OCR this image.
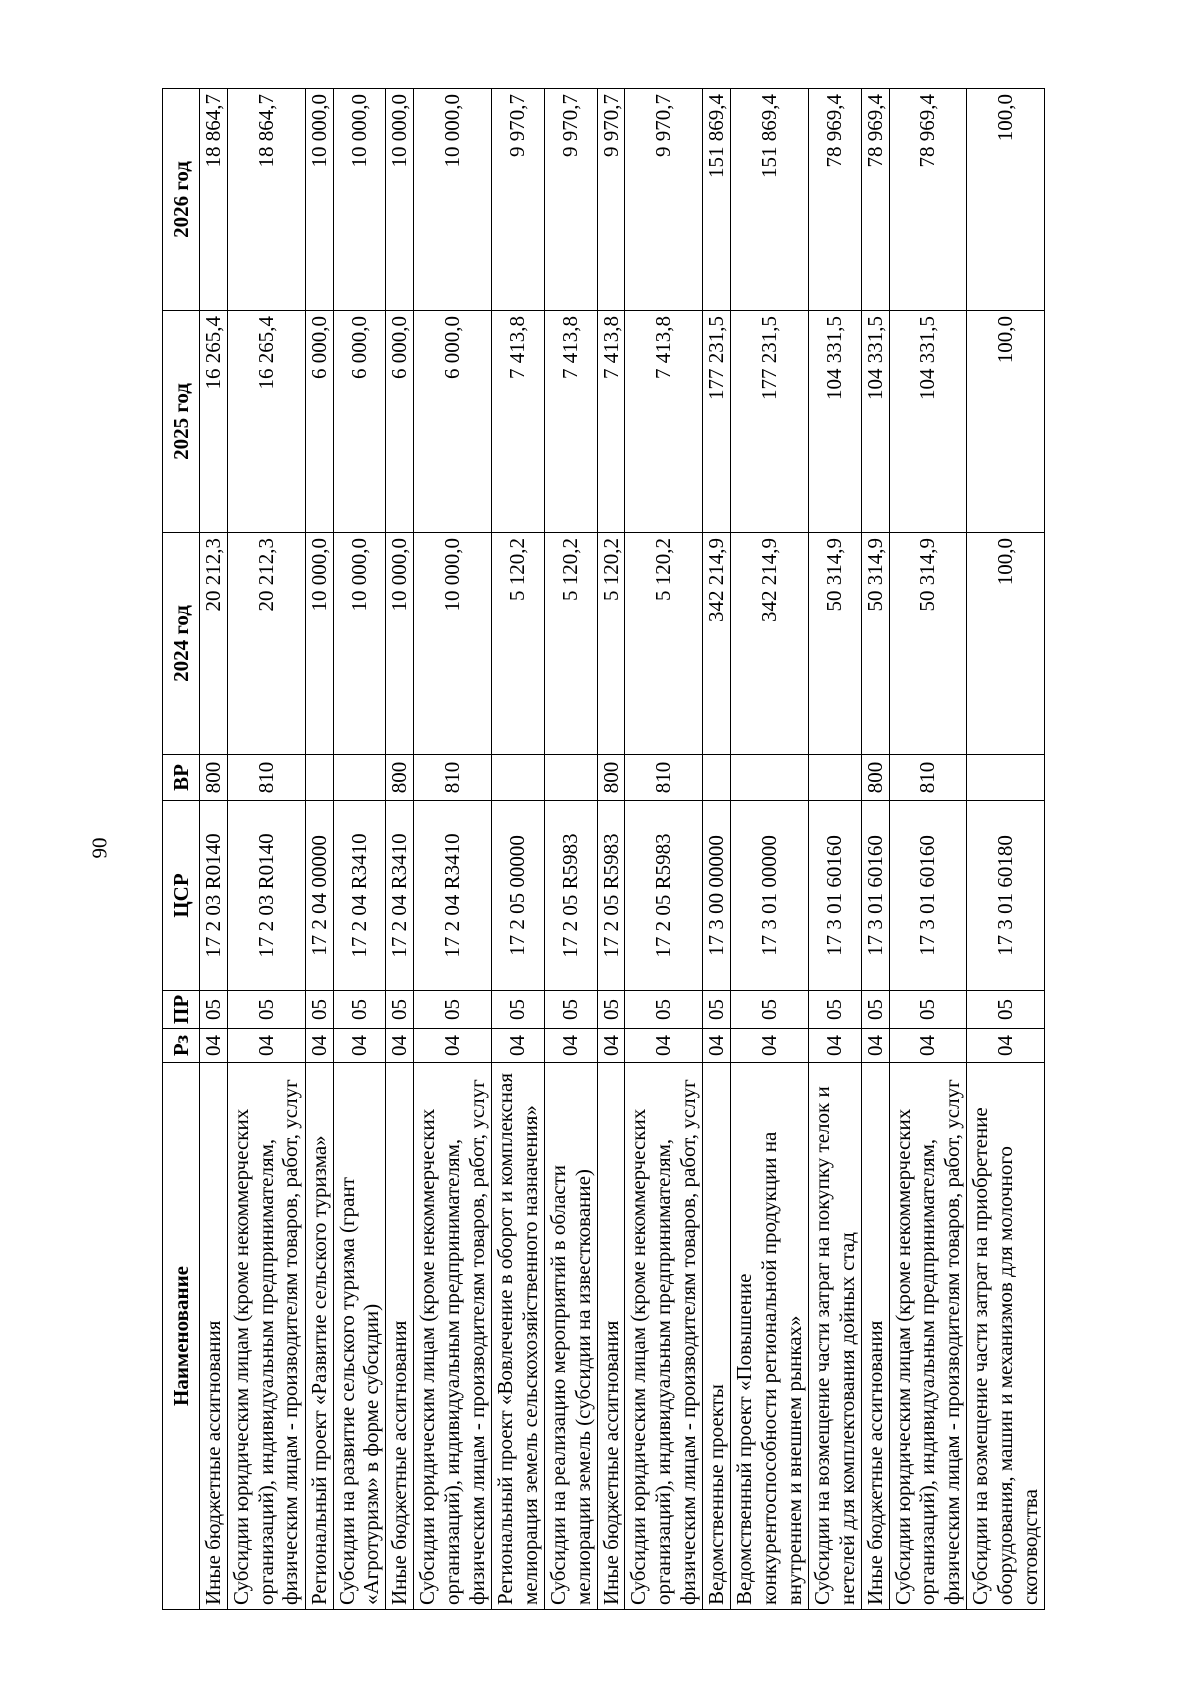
90
Наименование	Рз	ПР	ЦСР	ВР	2024 год	2025 год	2026 год
Иные бюджетные ассигнования	04	05	17 2 03 R0140	800	20 212,3	16 265,4	18 864,7
Субсидии юридическим лицам (кроме некоммерческих организаций), индивидуальным предпринимателям, физическим лицам - производителям товаров, работ, услуг	04	05	17 2 03 R0140	810	20 212,3	16 265,4	18 864,7
Региональный проект «Развитие сельского туризма»	04	05	17 2 04 00000		10 000,0	6 000,0	10 000,0
Субсидии на развитие сельского туризма (грант «Агротуризм» в форме субсидии)	04	05	17 2 04 R3410		10 000,0	6 000,0	10 000,0
Иные бюджетные ассигнования	04	05	17 2 04 R3410	800	10 000,0	6 000,0	10 000,0
Субсидии юридическим лицам (кроме некоммерческих организаций), индивидуальным предпринимателям, физическим лицам - производителям товаров, работ, услуг	04	05	17 2 04 R3410	810	10 000,0	6 000,0	10 000,0
Региональный проект «Вовлечение в оборот и комплексная мелиорация земель сельскохозяйственного назначения»	04	05	17 2 05 00000		5 120,2	7 413,8	9 970,7
Субсидии на реализацию мероприятий в области мелиорации земель (субсидии на известкование)	04	05	17 2 05 R5983		5 120,2	7 413,8	9 970,7
Иные бюджетные ассигнования	04	05	17 2 05 R5983	800	5 120,2	7 413,8	9 970,7
Субсидии юридическим лицам (кроме некоммерческих организаций), индивидуальным предпринимателям, физическим лицам - производителям товаров, работ, услуг	04	05	17 2 05 R5983	810	5 120,2	7 413,8	9 970,7
Ведомственные проекты	04	05	17 3 00 00000		342 214,9	177 231,5	151 869,4
Ведомственный проект «Повышение конкурентоспособности региональной продукции на внутреннем и внешнем рынках»	04	05	17 3 01 00000		342 214,9	177 231,5	151 869,4
Субсидии на возмещение части затрат на покупку телок и нетелей для комплектования дойных стад	04	05	17 3 01 60160		50 314,9	104 331,5	78 969,4
Иные бюджетные ассигнования	04	05	17 3 01 60160	800	50 314,9	104 331,5	78 969,4
Субсидии юридическим лицам (кроме некоммерческих организаций), индивидуальным предпринимателям, физическим лицам - производителям товаров, работ, услуг	04	05	17 3 01 60160	810	50 314,9	104 331,5	78 969,4
Субсидии на возмещение части затрат на приобретение оборудования, машин и механизмов для молочного скотоводства	04	05	17 3 01 60180		100,0	100,0	100,0
